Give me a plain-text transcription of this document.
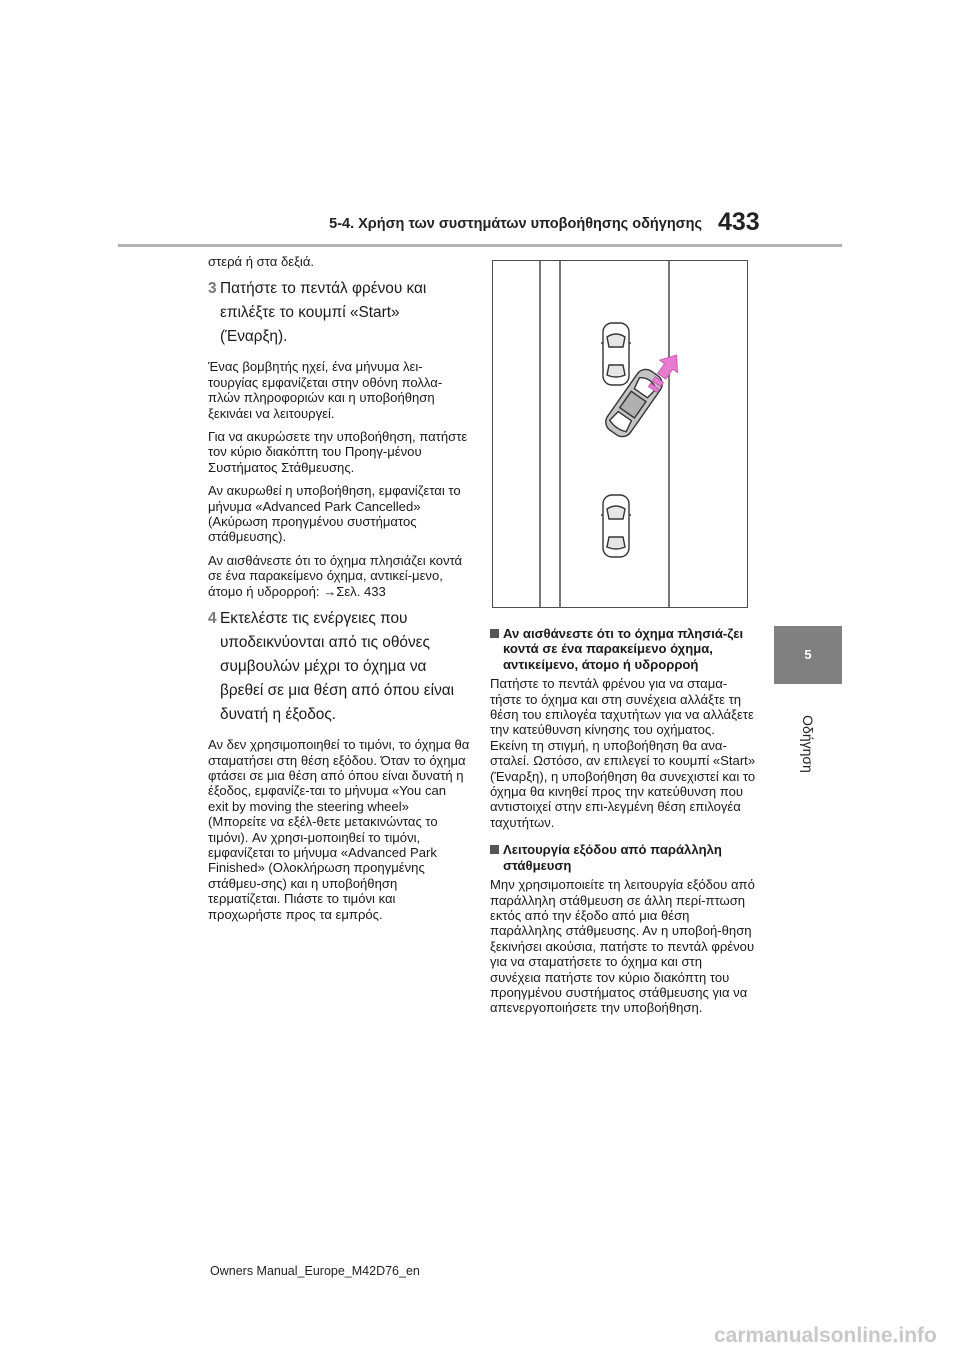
5-4. Χρήση των συστημάτων υποβοήθησης οδήγησης 433
5
Οδήγηση

στερά ή στα δεξιά.

3 Πατήστε το πεντάλ φρένου και επιλέξτε το κουμπί «Start» (Έναρξη).

Ένας βομβητής ηχεί, ένα μήνυμα λει-τουργίας εμφανίζεται στην οθόνη πολλα-πλών πληροφοριών και η υποβοήθηση ξεκινάει να λειτουργεί.

Για να ακυρώσετε την υποβοήθηση, πατήστε τον κύριο διακόπτη του Προηγ-μένου Συστήματος Στάθμευσης.

Αν ακυρωθεί η υποβοήθηση, εμφανίζεται το μήνυμα «Advanced Park Cancelled» (Ακύρωση προηγμένου συστήματος στάθμευσης).

Αν αισθάνεστε ότι το όχημα πλησιάζει κοντά σε ένα παρακείμενο όχημα, αντικεί-μενο, άτομο ή υδρορροή: →Σελ. 433

4 Εκτελέστε τις ενέργειες που υποδεικνύονται από τις οθόνες συμβουλών μέχρι το όχημα να βρεθεί σε μια θέση από όπου είναι δυνατή η έξοδος.

Αν δεν χρησιμοποιηθεί το τιμόνι, το όχημα θα σταματήσει στη θέση εξόδου. Όταν το όχημα φτάσει σε μια θέση από όπου είναι δυνατή η έξοδος, εμφανίζε-ται το μήνυμα «You can exit by moving the steering wheel» (Μπορείτε να εξέλ-θετε μετακινώντας το τιμόνι). Αν χρησι-μοποιηθεί το τιμόνι, εμφανίζεται το μήνυμα «Advanced Park Finished» (Ολοκλήρωση προηγμένης στάθμευ-σης) και η υποβοήθηση τερματίζεται. Πιάστε το τιμόνι και προχωρήστε προς τα εμπρός.

Αν αισθάνεστε ότι το όχημα πλησιά-ζει κοντά σε ένα παρακείμενο όχημα, αντικείμενο, άτομο ή υδρορροή

Πατήστε το πεντάλ φρένου για να σταμα-τήστε το όχημα και στη συνέχεια αλλάξτε τη θέση του επιλογέα ταχυτήτων για να αλλάξετε την κατεύθυνση κίνησης του οχήματος.

Εκείνη τη στιγμή, η υποβοήθηση θα ανα-σταλεί. Ωστόσο, αν επιλεγεί το κουμπί «Start» (Έναρξη), η υποβοήθηση θα συνεχιστεί και το όχημα θα κινηθεί προς την κατεύθυνση που αντιστοιχεί στην επι-λεγμένη θέση επιλογέα ταχυτήτων.

Λειτουργία εξόδου από παράλληλη στάθμευση

Μην χρησιμοποιείτε τη λειτουργία εξόδου από παράλληλη στάθμευση σε άλλη περί-πτωση εκτός από την έξοδο από μια θέση παράλληλης στάθμευσης. Αν η υποβοή-θηση ξεκινήσει ακούσια, πατήστε το πεντάλ φρένου για να σταματήσετε το όχημα και στη συνέχεια πατήστε τον κύριο διακόπτη του προηγμένου συστήματος στάθμευσης για να απενεργοποιήσετε την υποβοήθηση.

Owners Manual_Europe_M42D76_en
carmanualsonline.info
